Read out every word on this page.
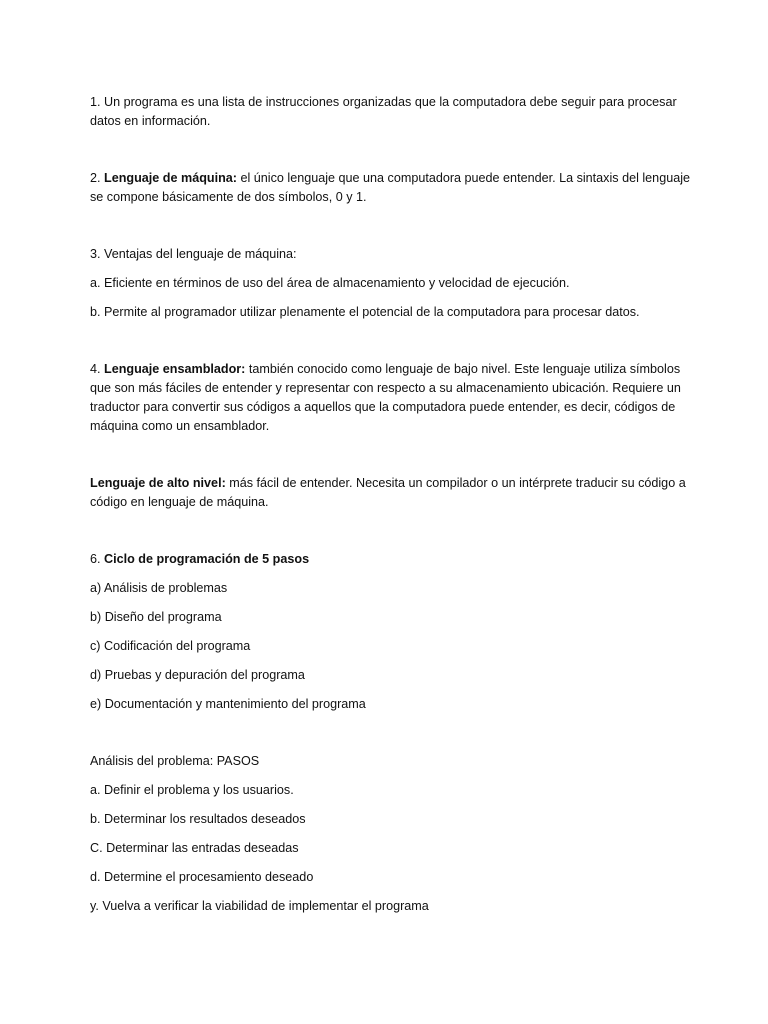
1. Un programa es una lista de instrucciones organizadas que la computadora debe seguir para procesar datos en información.

2. Lenguaje de máquina: el único lenguaje que una computadora puede entender. La sintaxis del lenguaje se compone básicamente de dos símbolos, 0 y 1.

3. Ventajas del lenguaje de máquina:

a. Eficiente en términos de uso del área de almacenamiento y velocidad de ejecución.

b. Permite al programador utilizar plenamente el potencial de la computadora para procesar datos.

4. Lenguaje ensamblador: también conocido como lenguaje de bajo nivel. Este lenguaje utiliza símbolos que son más fáciles de entender y representar con respecto a su almacenamiento ubicación. Requiere un traductor para convertir sus códigos a aquellos que la computadora puede entender, es decir, códigos de máquina como un ensamblador.

Lenguaje de alto nivel: más fácil de entender. Necesita un compilador o un intérprete traducir su código a código en lenguaje de máquina.

6. Ciclo de programación de 5 pasos

a) Análisis de problemas

b) Diseño del programa

c) Codificación del programa

d) Pruebas y depuración del programa

e) Documentación y mantenimiento del programa

Análisis del problema: PASOS

a. Definir el problema y los usuarios.

b. Determinar los resultados deseados

C. Determinar las entradas deseadas

d. Determine el procesamiento deseado

y. Vuelva a verificar la viabilidad de implementar el programa
